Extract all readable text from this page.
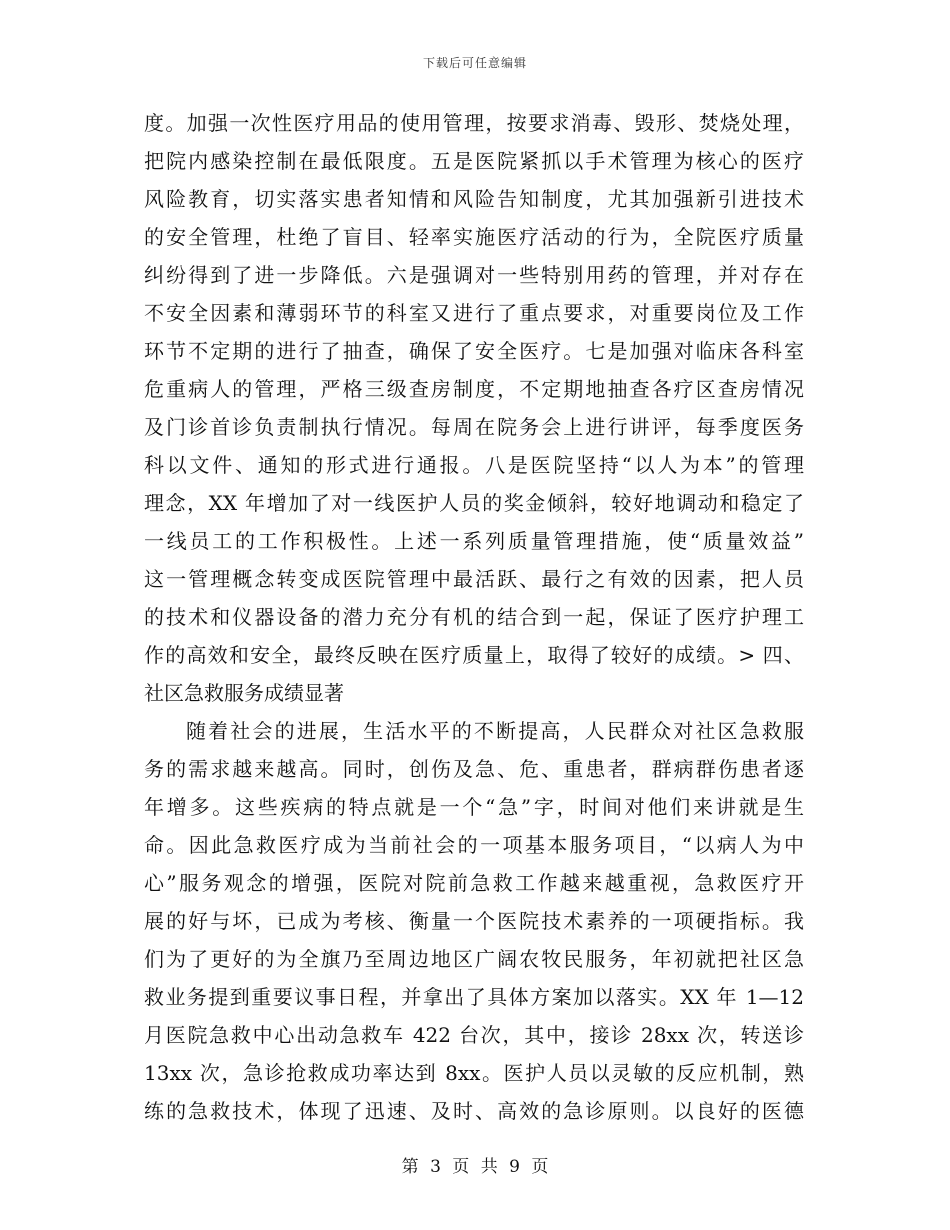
下载后可任意编辑
度。加强一次性医疗用品的使用管理，按要求消毒、毁形、焚烧处理，
把院内感染控制在最低限度。五是医院紧抓以手术管理为核心的医疗
风险教育，切实落实患者知情和风险告知制度，尤其加强新引进技术
的安全管理，杜绝了盲目、轻率实施医疗活动的行为，全院医疗质量
纠纷得到了进一步降低。六是强调对一些特别用药的管理，并对存在
不安全因素和薄弱环节的科室又进行了重点要求，对重要岗位及工作
环节不定期的进行了抽查，确保了安全医疗。七是加强对临床各科室
危重病人的管理，严格三级查房制度，不定期地抽查各疗区查房情况
及门诊首诊负责制执行情况。每周在院务会上进行讲评，每季度医务
科以文件、通知的形式进行通报。八是医院坚持“以人为本”的管理
理念，XX 年增加了对一线医护人员的奖金倾斜，较好地调动和稳定了
一线员工的工作积极性。上述一系列质量管理措施，使“质量效益”
这一管理概念转变成医院管理中最活跃、最行之有效的因素，把人员
的技术和仪器设备的潜力充分有机的结合到一起，保证了医疗护理工
作的高效和安全，最终反映在医疗质量上，取得了较好的成绩。> 四、
社区急救服务成绩显著
随着社会的进展，生活水平的不断提高，人民群众对社区急救服
务的需求越来越高。同时，创伤及急、危、重患者，群病群伤患者逐
年增多。这些疾病的特点就是一个“急”字，时间对他们来讲就是生
命。因此急救医疗成为当前社会的一项基本服务项目，“以病人为中
心”服务观念的增强，医院对院前急救工作越来越重视，急救医疗开
展的好与坏，已成为考核、衡量一个医院技术素养的一项硬指标。我
们为了更好的为全旗乃至周边地区广阔农牧民服务，年初就把社区急
救业务提到重要议事日程，并拿出了具体方案加以落实。XX 年 1—12
月医院急救中心出动急救车 422 台次，其中，接诊 28xx 次，转送诊
13xx 次，急诊抢救成功率达到 8xx。医护人员以灵敏的反应机制，熟
练的急救技术，体现了迅速、及时、高效的急诊原则。以良好的医德
第 3 页 共 9 页
